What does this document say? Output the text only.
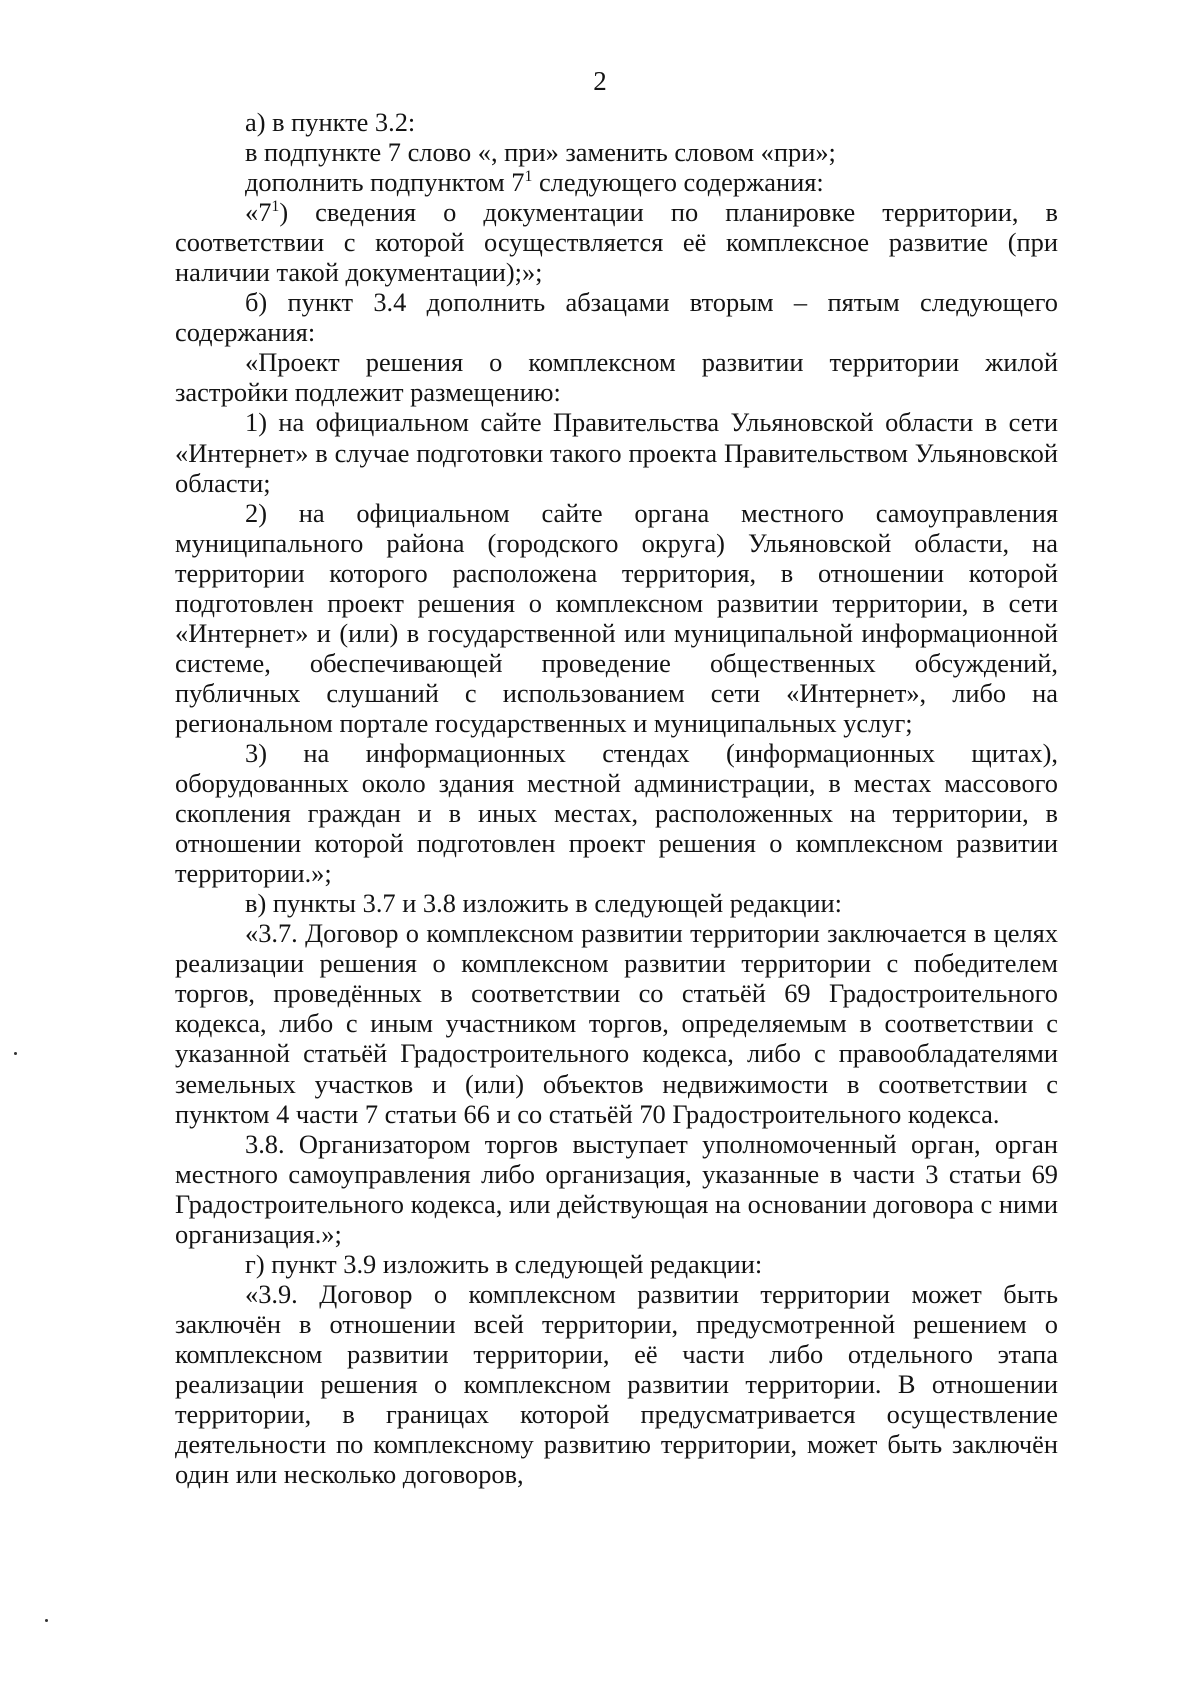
2

а) в пункте 3.2:

в подпункте 7 слово «, при» заменить словом «при»;

дополнить подпунктом $7^1$ следующего содержания:

«$7^1$) сведения о документации по планировке территории, в соответствии с которой осуществляется её комплексное развитие (при наличии такой документации);»;

б) пункт 3.4 дополнить абзацами вторым – пятым следующего содержания:

«Проект решения о комплексном развитии территории жилой застройки подлежит размещению:

1) на официальном сайте Правительства Ульяновской области в сети «Интернет» в случае подготовки такого проекта Правительством Ульяновской области;

2) на официальном сайте органа местного самоуправления муниципального района (городского округа) Ульяновской области, на территории которого расположена территория, в отношении которой подготовлен проект решения о комплексном развитии территории, в сети «Интернет» и (или) в государственной или муниципальной информационной системе, обеспечивающей проведение общественных обсуждений, публичных слушаний с использованием сети «Интернет», либо на региональном портале государственных и муниципальных услуг;

3) на информационных стендах (информационных щитах), оборудованных около здания местной администрации, в местах массового скопления граждан и в иных местах, расположенных на территории, в отношении которой подготовлен проект решения о комплексном развитии территории.»;

в) пункты 3.7 и 3.8 изложить в следующей редакции:

«3.7. Договор о комплексном развитии территории заключается в целях реализации решения о комплексном развитии территории с победителем торгов, проведённых в соответствии со статьёй 69 Градостроительного кодекса, либо с иным участником торгов, определяемым в соответствии с указанной статьёй Градостроительного кодекса, либо с правообладателями земельных участков и (или) объектов недвижимости в соответствии с пунктом 4 части 7 статьи 66 и со статьёй 70 Градостроительного кодекса.

3.8. Организатором торгов выступает уполномоченный орган, орган местного самоуправления либо организация, указанные в части 3 статьи 69 Градостроительного кодекса, или действующая на основании договора с ними организация.»;

г) пункт 3.9 изложить в следующей редакции:

«3.9. Договор о комплексном развитии территории может быть заключён в отношении всей территории, предусмотренной решением о комплексном развитии территории, её части либо отдельного этапа реализации решения о комплексном развитии территории. В отношении территории, в границах которой предусматривается осуществление деятельности по комплексному развитию территории, может быть заключён один или несколько договоров,
